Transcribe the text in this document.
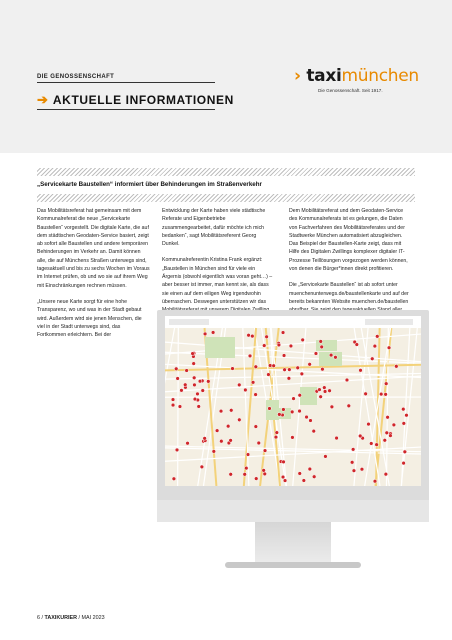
DIE GENOSSENSCHAFT
➔ AKTUELLE INFORMATIONEN
› taximünchen
Die Genossenschaft. Seit 1917.
„Servicekarte Baustellen“ informiert über Behinderungen im Straßenverkehr

Das Mobilitätsreferat hat gemeinsam mit dem Kommunalreferat die neue „Servicekarte Baustellen“ vorgestellt. Die digitale Karte, die auf dem städtischen Geodaten-Service basiert, zeigt ab sofort alle Baustellen und andere temporären Behinderungen im Verkehr an. Damit können alle, die auf Münchens Straßen unterwegs sind, tagesaktuell und bis zu sechs Wochen im Voraus im Internet prüfen, ob und wo sie auf ihrem Weg mit Einschränkungen rechnen müssen.

„Unsere neue Karte sorgt für eine hohe Transparenz, wo und was in der Stadt gebaut wird. Außerdem wird sie jenen Menschen, die viel in der Stadt unterwegs sind, das Fortkommen erleichtern. Bei der

Entwicklung der Karte haben viele städtische Referate und Eigenbetriebe zusammengearbeitet, dafür möchte ich mich bedanken“, sagt Mobilitätsreferent Georg Dunkel.

Kommunalreferentin Kristina Frank ergänzt: „Baustellen in München sind für viele ein Ärgernis (obwohl eigentlich was voran geht…) – aber besser ist immer, man kennt sie, als dass sie einen auf dem eiligen Weg irgendwohin überraschen. Deswegen unterstützen wir das

Dem Mobilitätsreferat und dem Geodaten-Service des Kommunalreferats ist es gelungen, die Daten von Fachverfahren des Mobilitätsreferates und der Stadtwerke München automatisiert abzugleichen. Das Beispiel der Baustellen-Karte zeigt, dass mit Hilfe des Digitalen Zwillings komplexer digitaler IT-Prozesse Teillösungen vorgezogen werden können, von denen die Bürger*innen direkt profitieren.

Die „Servicekarte Baustellen“ ist ab sofort unter muenchenunterwegs.de/baustellenkarte und auf der bereits bekannten Website muenchen.de/baustellen

6 / TAXIKURIER / MAI 2023
